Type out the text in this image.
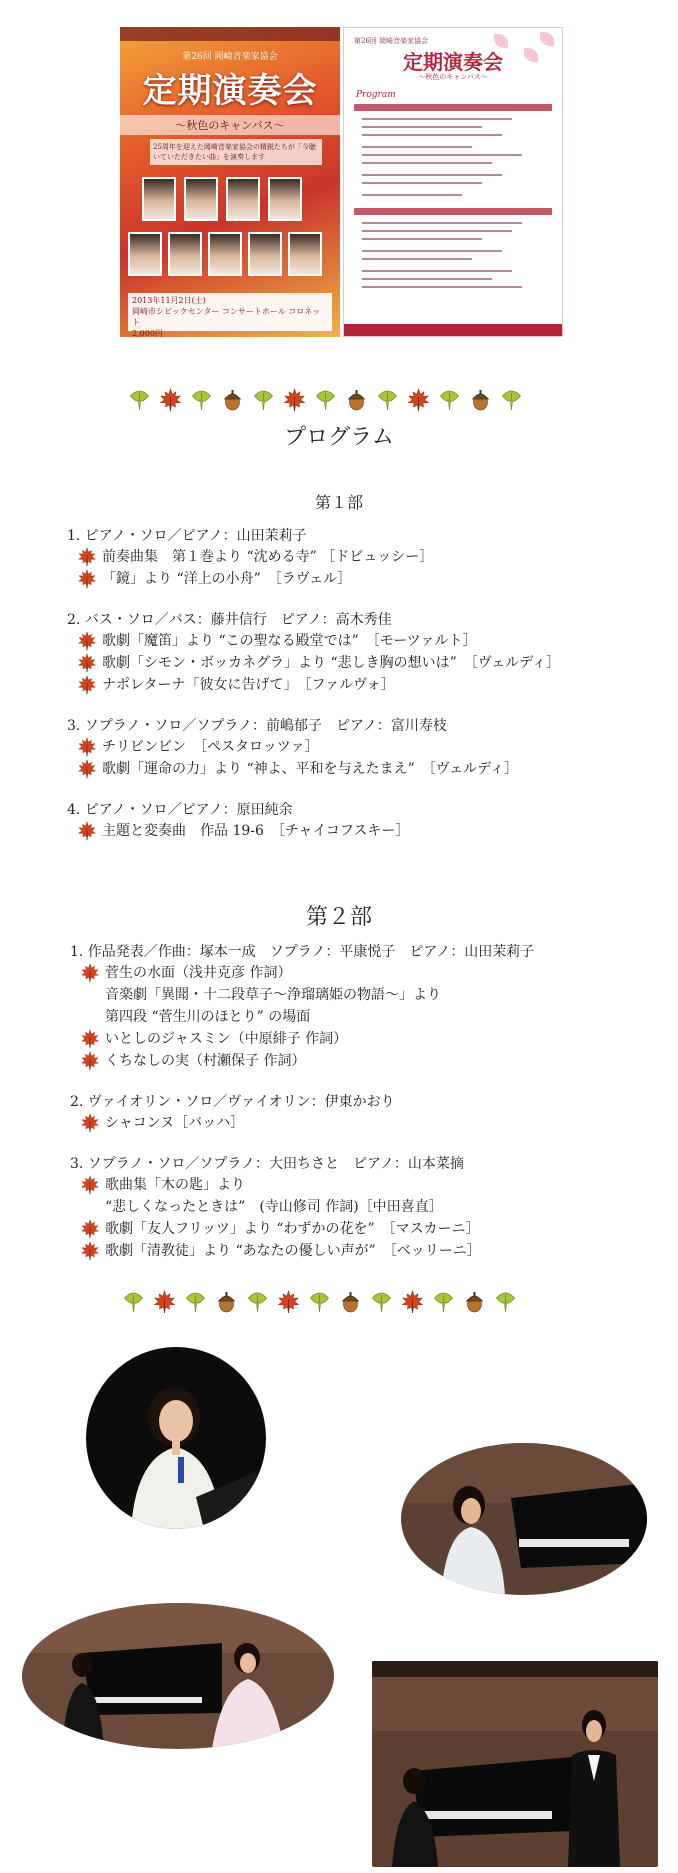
第26回 岡崎音楽家協会
定期演奏会
～秋色のキャンバス～
25周年を迎えた岡崎音楽家協会の精鋭たちが「今聴いていただきたい曲」を演奏します
2013年11月2日(土)
岡崎市シビックセンター コンサートホール コロネット
2,000円
第26回 岡崎音楽家協会
定期演奏会
～秋色のキャンバス～
Program
プログラム
第１部
1. ピアノ・ソロ／ピアノ：山田茉莉子
前奏曲集　第１巻より “沈める寺” ［ドビュッシー］
「鏡」より “洋上の小舟”　［ラヴェル］
2. バス・ソロ／バス：藤井信行　ピアノ：高木秀佳
歌劇「魔笛」より “この聖なる殿堂では”　［モーツァルト］
歌劇「シモン・ボッカネグラ」より “悲しき胸の想いは”　［ヴェルディ］
ナポレターナ「彼女に告げて」　［ファルヴォ］
3. ソプラノ・ソロ／ソプラノ：前嶋郁子　ピアノ：富川寿枝
チリビンビン　［ペスタロッツァ］
歌劇「運命の力」より “神よ、平和を与えたまえ”　［ヴェルディ］
4. ピアノ・ソロ／ピアノ：原田純余
主題と変奏曲　作品 19-6　［チャイコフスキー］
第２部
1. 作品発表／作曲：塚本一成　ソプラノ：平康悦子　ピアノ：山田茉莉子
菅生の水面（浅井克彦 作詞）
音楽劇「異聞・十二段草子～浄瑠璃姫の物語～」より
第四段 “菅生川のほとり” の場面
いとしのジャスミン（中原緋子 作詞）
くちなしの実（村瀬保子 作詞）
2. ヴァイオリン・ソロ／ヴァイオリン：伊東かおり
シャコンヌ［バッハ］
3. ソプラノ・ソロ／ソプラノ：大田ちさと　ピアノ：山本菜摘
歌曲集「木の匙」より
“悲しくなったときは”　(寺山修司 作詞)［中田喜直］
歌劇「友人フリッツ」より “わずかの花を”　［マスカーニ］
歌劇「清教徒」より “あなたの優しい声が”　［ベッリーニ］
